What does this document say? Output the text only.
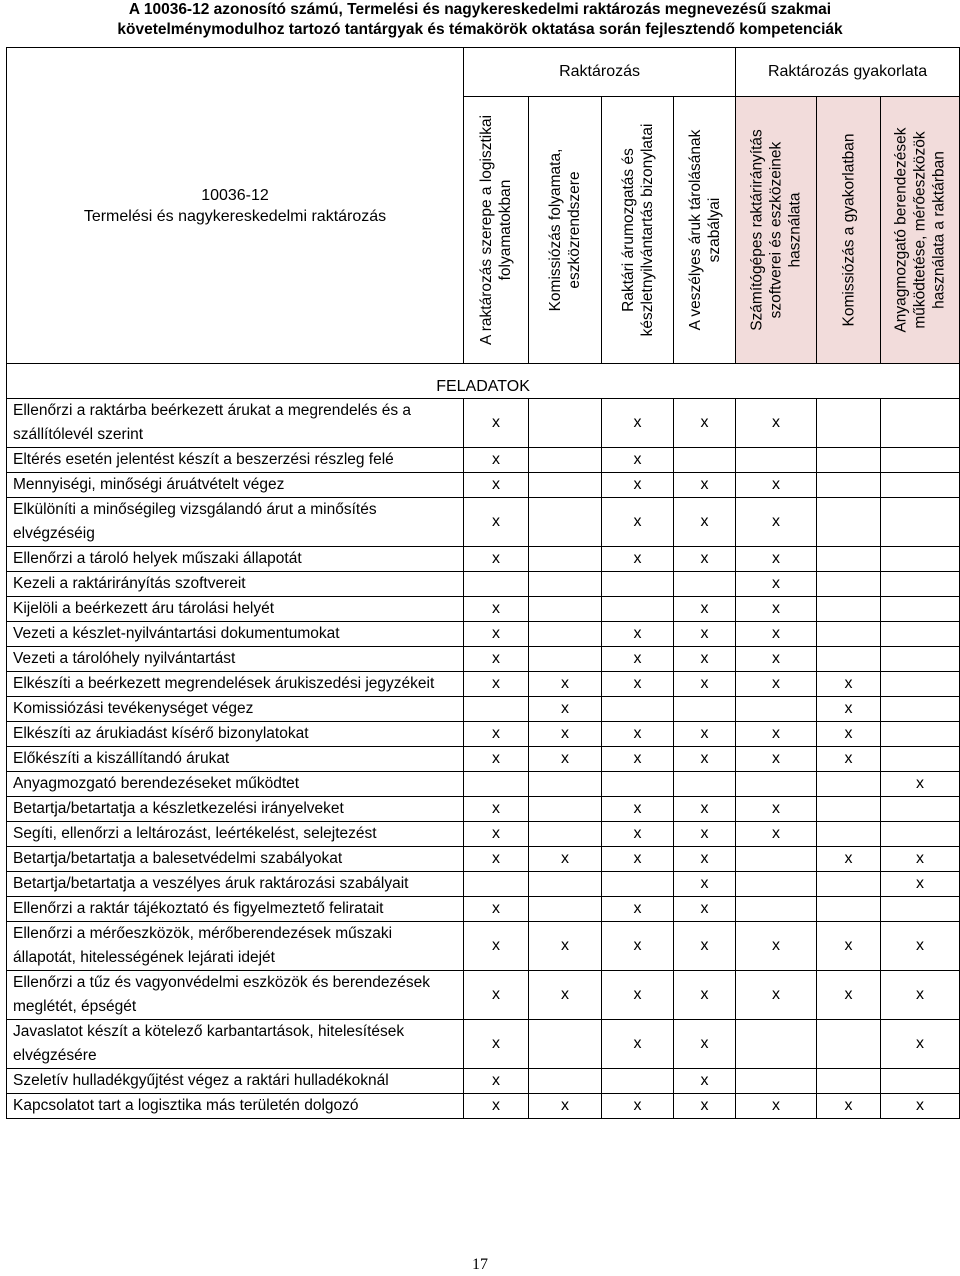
A 10036-12 azonosító számú, Termelési és nagykereskedelmi raktározás megnevezésű szakmai
követelménymodulhoz tartozó tantárgyak és témakörök oktatása során fejlesztendő kompetenciák
10036-12
Termelési és nagykereskedelmi raktározás	Raktározás				Raktározás gyakorlata		

	A raktározás szerepe a logisztikai folyamatokban	Komissiózás folyamata, eszközrendszere	Raktári árumozgatás és készletnyilvántartás bizonylatai	A veszélyes áruk tárolásának szabályai	Számítógépes raktárirányítás szoftverei és eszközeinek használata	Komissiózás a gyakorlatban	Anyagmozgató berendezések működtetése, mérőeszközök használata a raktárban

FELADATOK							
Ellenőrzi a raktárba beérkezett árukat a megrendelés és a szállítólevél szerint	x		x	x	x		
Eltérés esetén jelentést készít a beszerzési részleg felé	x		x				
Mennyiségi, minőségi áruátvételt végez	x		x	x	x		
Elkülöníti a minőségileg vizsgálandó árut a minősítés elvégzéséig	x		x	x	x		
Ellenőrzi a tároló helyek műszaki állapotát	x		x	x	x		
Kezeli a raktárirányítás szoftvereit					x		
Kijelöli a beérkezett áru tárolási helyét	x			x	x		
Vezeti a készlet-nyilvántartási dokumentumokat	x		x	x	x		
Vezeti a tárolóhely nyilvántartást	x		x	x	x		
Elkészíti a beérkezett megrendelések árukiszedési jegyzékeit	x	x	x	x	x	x	
Komissiózási tevékenységet végez		x				x	
Elkészíti az árukiadást kísérő bizonylatokat	x	x	x	x	x	x	
Előkészíti a kiszállítandó árukat	x	x	x	x	x	x	
Anyagmozgató berendezéseket működtet							x
Betartja/betartatja a készletkezelési irányelveket	x		x	x	x		
Segíti, ellenőrzi a leltározást, leértékelést, selejtezést	x		x	x	x		
Betartja/betartatja a balesetvédelmi szabályokat	x	x	x	x		x	x
Betartja/betartatja a veszélyes áruk raktározási szabályait				x			x
Ellenőrzi a raktár tájékoztató és figyelmeztető feliratait	x		x	x			
Ellenőrzi a mérőeszközök, mérőberendezések műszaki állapotát, hitelességének lejárati idejét	x	x	x	x	x	x	x
Ellenőrzi a tűz és vagyonvédelmi eszközök és berendezések meglétét, épségét	x	x	x	x	x	x	x
Javaslatot készít a kötelező karbantartások, hitelesítések elvégzésére	x		x	x			x
Szeletív hulladékgyűjtést végez a raktári hulladékoknál	x			x			
Kapcsolatot tart a logisztika más területén dolgozó	x	x	x	x	x	x	x
17
